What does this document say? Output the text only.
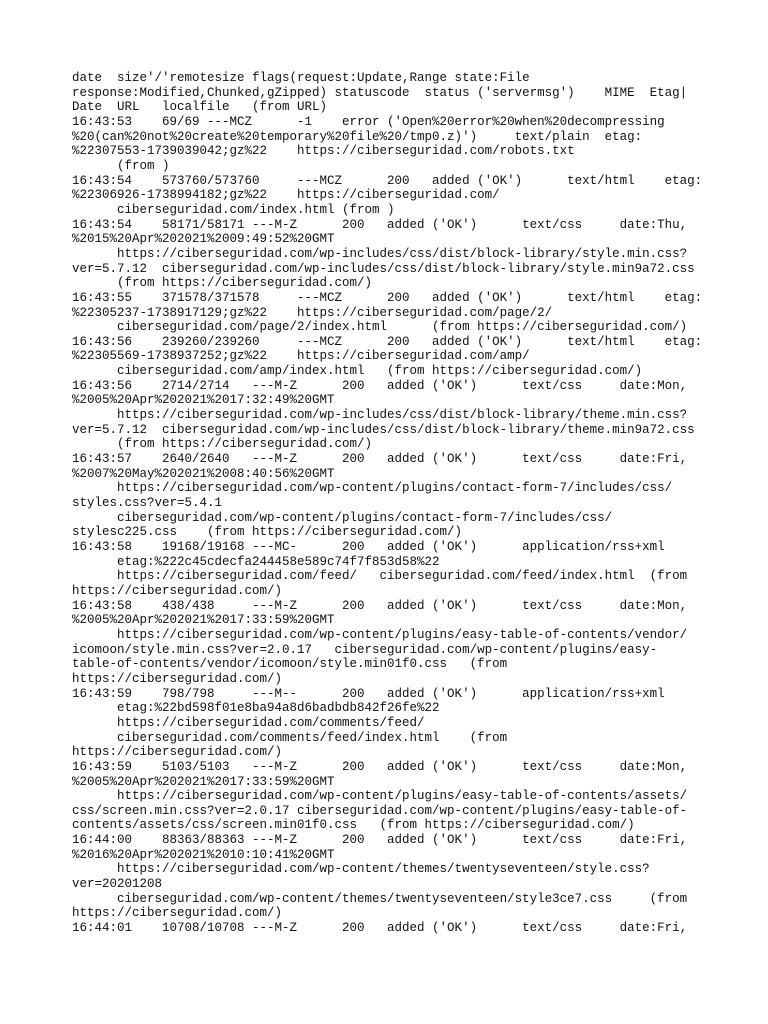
date  size'/'remotesize flags(request:Update,Range state:File
response:Modified,Chunked,gZipped) statuscode  status ('servermsg')    MIME  Etag|
Date  URL   localfile   (from URL)
16:43:53    69/69 ---MCZ      -1    error ('Open%20error%20when%20decompressing
%20(can%20not%20create%20temporary%20file%20/tmp0.z)')     text/plain  etag:
%22307553-1739039042;gz%22    https://ciberseguridad.com/robots.txt
(from )
16:43:54    573760/573760     ---MCZ      200   added ('OK')      text/html    etag:
%22306926-1738994182;gz%22    https://ciberseguridad.com/
ciberseguridad.com/index.html (from )
16:43:54    58171/58171 ---M-Z      200   added ('OK')      text/css     date:Thu,
%2015%20Apr%202021%2009:49:52%20GMT
https://ciberseguridad.com/wp-includes/css/dist/block-library/style.min.css?
ver=5.7.12  ciberseguridad.com/wp-includes/css/dist/block-library/style.min9a72.css
(from https://ciberseguridad.com/)
16:43:55    371578/371578     ---MCZ      200   added ('OK')      text/html    etag:
%22305237-1738917129;gz%22    https://ciberseguridad.com/page/2/
ciberseguridad.com/page/2/index.html      (from https://ciberseguridad.com/)
16:43:56    239260/239260     ---MCZ      200   added ('OK')      text/html    etag:
%22305569-1738937252;gz%22    https://ciberseguridad.com/amp/
ciberseguridad.com/amp/index.html   (from https://ciberseguridad.com/)
16:43:56    2714/2714   ---M-Z      200   added ('OK')      text/css     date:Mon,
%2005%20Apr%202021%2017:32:49%20GMT
https://ciberseguridad.com/wp-includes/css/dist/block-library/theme.min.css?
ver=5.7.12  ciberseguridad.com/wp-includes/css/dist/block-library/theme.min9a72.css
(from https://ciberseguridad.com/)
16:43:57    2640/2640   ---M-Z      200   added ('OK')      text/css     date:Fri,
%2007%20May%202021%2008:40:56%20GMT
https://ciberseguridad.com/wp-content/plugins/contact-form-7/includes/css/
styles.css?ver=5.4.1
ciberseguridad.com/wp-content/plugins/contact-form-7/includes/css/
stylesc225.css    (from https://ciberseguridad.com/)
16:43:58    19168/19168 ---MC-      200   added ('OK')      application/rss+xml
etag:%222c45cdecfa244458e589c74f7f853d58%22
https://ciberseguridad.com/feed/   ciberseguridad.com/feed/index.html  (from
https://ciberseguridad.com/)
16:43:58    438/438     ---M-Z      200   added ('OK')      text/css     date:Mon,
%2005%20Apr%202021%2017:33:59%20GMT
https://ciberseguridad.com/wp-content/plugins/easy-table-of-contents/vendor/
icomoon/style.min.css?ver=2.0.17   ciberseguridad.com/wp-content/plugins/easy-
table-of-contents/vendor/icomoon/style.min01f0.css   (from
https://ciberseguridad.com/)
16:43:59    798/798     ---M--      200   added ('OK')      application/rss+xml
etag:%22bd598f01e8ba94a8d6badbdb842f26fe%22
https://ciberseguridad.com/comments/feed/
ciberseguridad.com/comments/feed/index.html    (from
https://ciberseguridad.com/)
16:43:59    5103/5103   ---M-Z      200   added ('OK')      text/css     date:Mon,
%2005%20Apr%202021%2017:33:59%20GMT
https://ciberseguridad.com/wp-content/plugins/easy-table-of-contents/assets/
css/screen.min.css?ver=2.0.17 ciberseguridad.com/wp-content/plugins/easy-table-of-
contents/assets/css/screen.min01f0.css   (from https://ciberseguridad.com/)
16:44:00    88363/88363 ---M-Z      200   added ('OK')      text/css     date:Fri,
%2016%20Apr%202021%2010:10:41%20GMT
https://ciberseguridad.com/wp-content/themes/twentyseventeen/style.css?
ver=20201208
ciberseguridad.com/wp-content/themes/twentyseventeen/style3ce7.css     (from
https://ciberseguridad.com/)
16:44:01    10708/10708 ---M-Z      200   added ('OK')      text/css     date:Fri,
